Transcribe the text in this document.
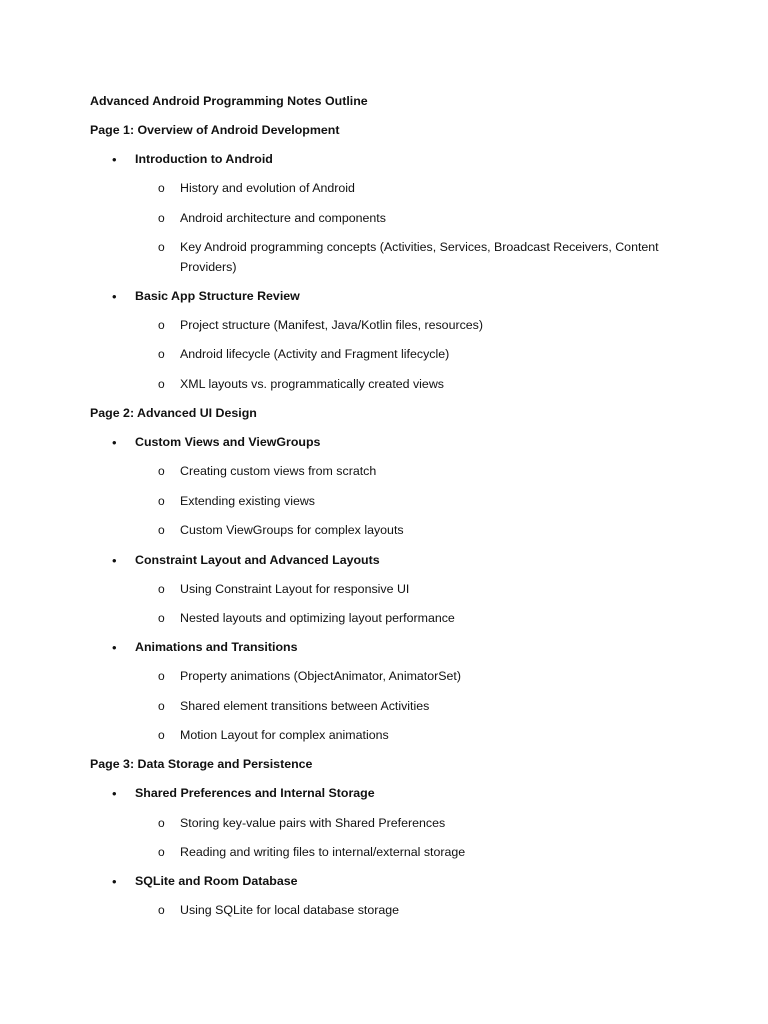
Advanced Android Programming Notes Outline
Page 1: Overview of Android Development
• Introduction to Android
o History and evolution of Android
o Android architecture and components
o Key Android programming concepts (Activities, Services, Broadcast Receivers, Content Providers)
• Basic App Structure Review
o Project structure (Manifest, Java/Kotlin files, resources)
o Android lifecycle (Activity and Fragment lifecycle)
o XML layouts vs. programmatically created views
Page 2: Advanced UI Design
• Custom Views and ViewGroups
o Creating custom views from scratch
o Extending existing views
o Custom ViewGroups for complex layouts
• Constraint Layout and Advanced Layouts
o Using Constraint Layout for responsive UI
o Nested layouts and optimizing layout performance
• Animations and Transitions
o Property animations (ObjectAnimator, AnimatorSet)
o Shared element transitions between Activities
o Motion Layout for complex animations
Page 3: Data Storage and Persistence
• Shared Preferences and Internal Storage
o Storing key-value pairs with Shared Preferences
o Reading and writing files to internal/external storage
• SQLite and Room Database
o Using SQLite for local database storage
